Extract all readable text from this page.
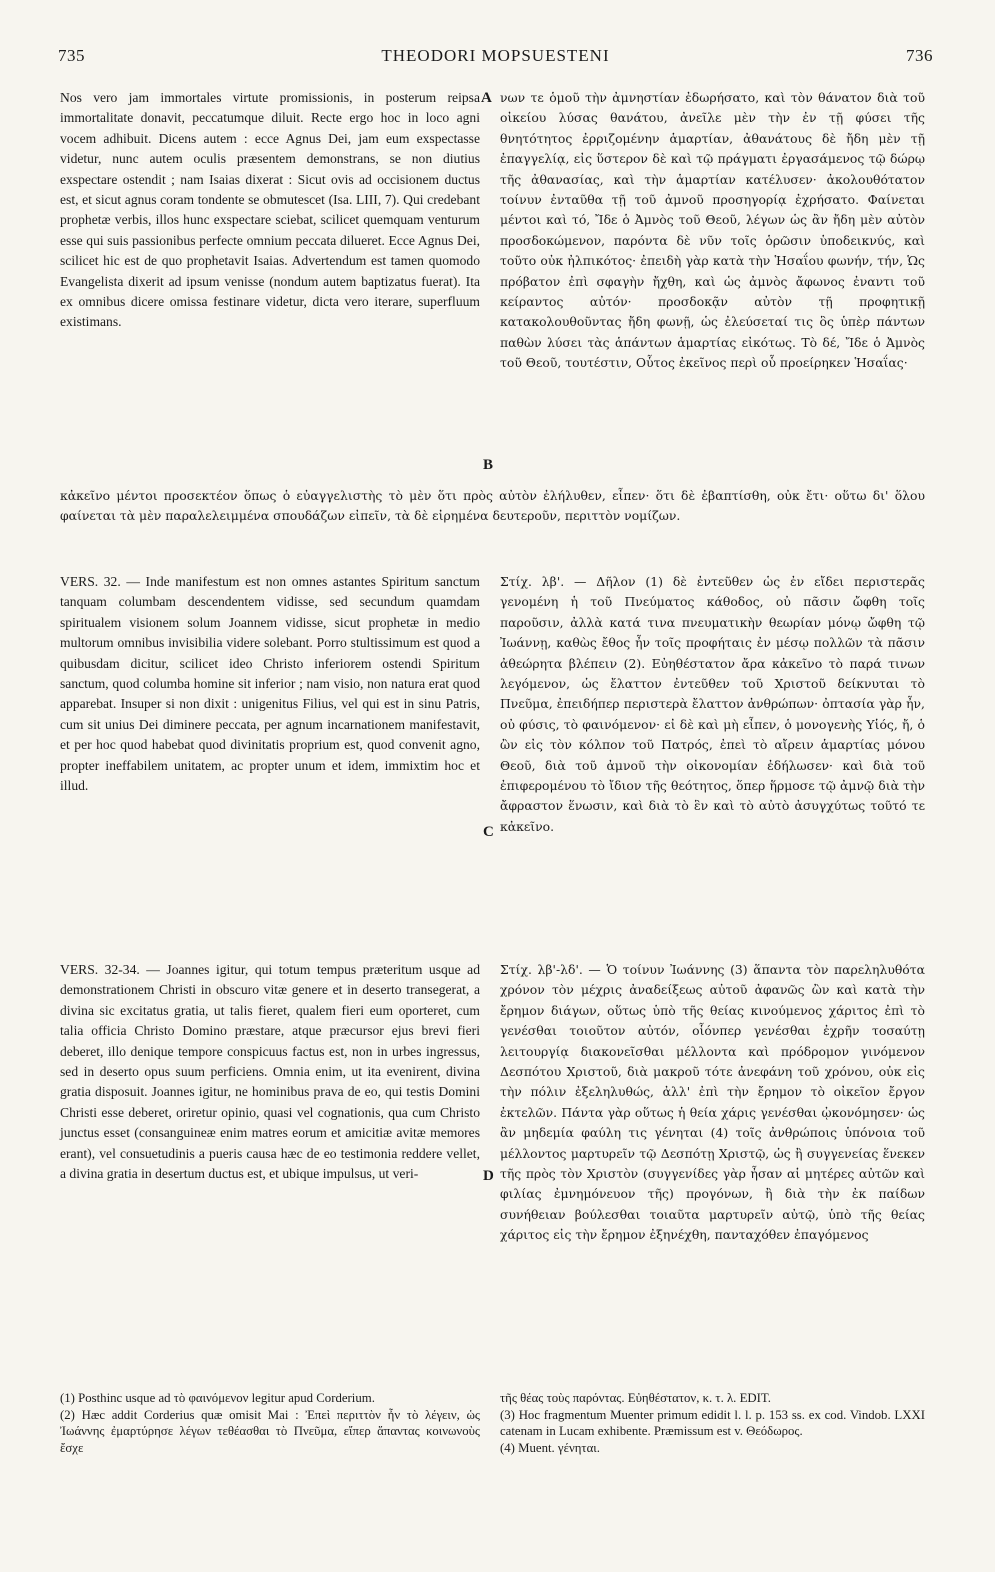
735	THEODORI MOPSUESTENI	736

Nos vero jam immortales virtute promissionis, in posterum reipsa immortalitate donavit, peccatumque diluit. Recte ergo hoc in loco agni vocem adhibuit. Dicens autem : ecce Agnus Dei, jam eum exspectasse videtur, nunc autem oculis præsentem demonstrans, se non diutius exspectare ostendit ; nam Isaias dixerat : Sicut ovis ad occisionem ductus est, et sicut agnus coram tondente se obmutescet (Isa. LIII, 7). Qui credebant prophetæ verbis, illos hunc exspectare sciebat, scilicet quemquam venturum esse qui suis passionibus perfecte omnium peccata dilueret. Ecce Agnus Dei, scilicet hic est de quo prophetavit Isaias. Advertendum est tamen quomodo Evangelista dixerit ad ipsum venisse (nondum autem baptizatus fuerat). Ita ex omnibus dicere omissa festinare videtur, dicta vero iterare, superfluum existimans.

νων τε ὁμοῦ τὴν ἀμνηστίαν ἐδωρήσατο, καὶ τὸν θάνατον διὰ τοῦ οἰκείου λύσας θανάτου, ἀνεῖλε μὲν τὴν ἐν τῇ φύσει τῆς θνητότητος ἐρριζομένην ἁμαρτίαν, ἀθανάτους δὲ ἤδη μὲν τῇ ἐπαγγελίᾳ, εἰς ὕστερον δὲ καὶ τῷ πράγματι ἐργασάμενος τῷ δώρῳ τῆς ἀθανασίας, καὶ τὴν ἁμαρτίαν κατέλυσεν· ἀκολουθότατον τοίνυν ἐνταῦθα τῇ τοῦ ἀμνοῦ προσηγορίᾳ ἐχρήσατο. Φαίνεται μέντοι καὶ τό, Ἴδε ὁ Ἀμνὸς τοῦ Θεοῦ, λέγων ὡς ἂν ἤδη μὲν αὐτὸν προσδοκώμενον, παρόντα δὲ νῦν τοῖς ὁρῶσιν ὑποδεικνύς, καὶ τοῦτο οὐκ ἠλπικότος· ἐπειδὴ γὰρ κατὰ τὴν Ἡσαΐου φωνήν, τήν, Ὡς πρόβατον ἐπὶ σφαγὴν ἤχθη, καὶ ὡς ἀμνὸς ἄφωνος ἐναντι τοῦ κείραντος αὐτόν· προσδοκᾷν αὐτὸν τῇ προφητικῇ κατακολουθοῦντας ἤδη φωνῇ, ὡς ἐλεύσεταί τις ὃς ὑπὲρ πάντων παθὼν λύσει τὰς ἁπάντων ἁμαρτίας εἰκότως. Τὸ δέ, Ἴδε ὁ Ἀμνὸς τοῦ Θεοῦ, τουτέστιν, Οὗτος ἐκεῖνος περὶ οὗ προείρηκεν Ἡσαΐας·

A
B

κἀκεῖνο μέντοι προσεκτέον ὅπως ὁ εὐαγγελιστὴς τὸ μὲν ὅτι πρὸς αὐτὸν ἐλήλυθεν, εἶπεν· ὅτι δὲ ἐβαπτίσθη, οὐκ ἔτι· οὕτω δι' ὅλου φαίνεται τὰ μὲν παραλελειμμένα σπουδάζων εἰπεῖν, τὰ δὲ εἰρημένα δευτεροῦν, περιττὸν νομίζων.

VERS. 32. — Inde manifestum est non omnes astantes Spiritum sanctum tanquam columbam descendentem vidisse, sed secundum quamdam spiritualem visionem solum Joannem vidisse, sicut prophetæ in medio multorum omnibus invisibilia videre solebant. Porro stultissimum est quod a quibusdam dicitur, scilicet ideo Christo inferiorem ostendi Spiritum sanctum, quod columba homine sit inferior ; nam visio, non natura erat quod apparebat. Insuper si non dixit : unigenitus Filius, vel qui est in sinu Patris, cum sit unius Dei diminere peccata, per agnum incarnationem manifestavit, et per hoc quod habebat quod divinitatis proprium est, quod convenit agno, propter ineffabilem unitatem, ac propter unum et idem, immixtim hoc et illud.

Στίχ. λβ'. — Δῆλον (1) δὲ ἐντεῦθεν ὡς ἐν εἴδει περιστερᾶς γενομένη ἡ τοῦ Πνεύματος κάθοδος, οὐ πᾶσιν ὤφθη τοῖς παροῦσιν, ἀλλὰ κατά τινα πνευματικὴν θεωρίαν μόνῳ ὤφθη τῷ Ἰωάννῃ, καθὼς ἔθος ἦν τοῖς προφήταις ἐν μέσῳ πολλῶν τὰ πᾶσιν ἀθεώρητα βλέπειν (2). Εὐηθέστατον ἄρα κἀκεῖνο τὸ παρά τινων λεγόμενον, ὡς ἔλαττον ἐντεῦθεν τοῦ Χριστοῦ δείκνυται τὸ Πνεῦμα, ἐπειδήπερ περιστερὰ ἔλαττον ἀνθρώπων· ὀπτασία γὰρ ἦν, οὐ φύσις, τὸ φαινόμενον· εἰ δὲ καὶ μὴ εἶπεν, ὁ μονογενὴς Υἱός, ἤ, ὁ ὢν εἰς τὸν κόλπον τοῦ Πατρός, ἐπεὶ τὸ αἴρειν ἁμαρτίας μόνου Θεοῦ, διὰ τοῦ ἀμνοῦ τὴν οἰκονομίαν ἐδήλωσεν· καὶ διὰ τοῦ ἐπιφερομένου τὸ ἴδιον τῆς θεότητος, ὅπερ ἥρμοσε τῷ ἀμνῷ διὰ τὴν ἄφραστον ἕνωσιν, καὶ διὰ τὸ ἓν καὶ τὸ αὐτὸ ἀσυγχύτως τοῦτό τε κἀκεῖνο.

C

VERS. 32-34. — Joannes igitur, qui totum tempus præteritum usque ad demonstrationem Christi in obscuro vitæ genere et in deserto transegerat, a divina sic excitatus gratia, ut talis fieret, qualem fieri eum oporteret, cum talia officia Christo Domino præstare, atque præcursor ejus brevi fieri deberet, illo denique tempore conspicuus factus est, non in urbes ingressus, sed in deserto opus suum perficiens. Omnia enim, ut ita evenirent, divina gratia disposuit. Joannes igitur, ne hominibus prava de eo, qui testis Domini Christi esse deberet, oriretur opinio, quasi vel cognationis, qua cum Christo junctus esset (consanguineæ enim matres eorum et amicitiæ avitæ memores erant), vel consuetudinis a pueris causa hæc de eo testimonia reddere vellet, a divina gratia in desertum ductus est, et ubique impulsus, ut veri-

Στίχ. λβ'-λδ'. — Ὁ τοίνυν Ἰωάννης (3) ἅπαντα τὸν παρεληλυθότα χρόνον τὸν μέχρις ἀναδείξεως αὐτοῦ ἀφανῶς ὢν καὶ κατὰ τὴν ἔρημον διάγων, οὕτως ὑπὸ τῆς θείας κινούμενος χάριτος ἐπὶ τὸ γενέσθαι τοιοῦτον αὐτόν, οἷόνπερ γενέσθαι ἐχρῆν τοσαύτῃ λειτουργίᾳ διακονεῖσθαι μέλλοντα καὶ πρόδρομον γινόμενον Δεσπότου Χριστοῦ, διὰ μακροῦ τότε ἀνεφάνη τοῦ χρόνου, οὐκ εἰς τὴν πόλιν ἐξεληλυθώς, ἀλλ' ἐπὶ τὴν ἔρημον τὸ οἰκεῖον ἔργον ἐκτελῶν. Πάντα γὰρ οὕτως ἡ θεία χάρις γενέσθαι ᾠκονόμησεν· ὡς ἂν μηδεμία φαύλη τις γένηται (4) τοῖς ἀνθρώποις ὑπόνοια τοῦ μέλλοντος μαρτυρεῖν τῷ Δεσπότῃ Χριστῷ, ὡς ἢ συγγενείας ἕνεκεν τῆς πρὸς τὸν Χριστὸν (συγγενίδες γὰρ ἦσαν αἱ μητέρες αὐτῶν καὶ φιλίας ἐμνημόνευον τῆς) προγόνων, ἢ διὰ τὴν ἐκ παίδων συνήθειαν βούλεσθαι τοιαῦτα μαρτυρεῖν αὐτῷ, ὑπὸ τῆς θείας χάριτος εἰς τὴν ἔρημον ἐξηνέχθη, πανταχόθεν ἐπαγόμενος

D

(1) Posthinc usque ad τὸ φαινόμενον legitur apud Corderium.

(2) Hæc addit Corderius quæ omisit Mai : Ἐπεὶ περιττὸν ἦν τὸ λέγειν, ὡς Ἰωάννης ἐμαρτύρησε λέγων τεθέασθαι τὸ Πνεῦμα, εἴπερ ἅπαντας κοινωνοὺς ἔσχε

τῆς θέας τοὺς παρόντας. Εὐηθέστατον, κ. τ. λ. EDIT.

(3) Hoc fragmentum Muenter primum edidit l. l. p. 153 ss. ex cod. Vindob. LXXI catenam in Lucam exhibente. Præmissum est v. Θεόδωρος.

(4) Muent. γένηται.
